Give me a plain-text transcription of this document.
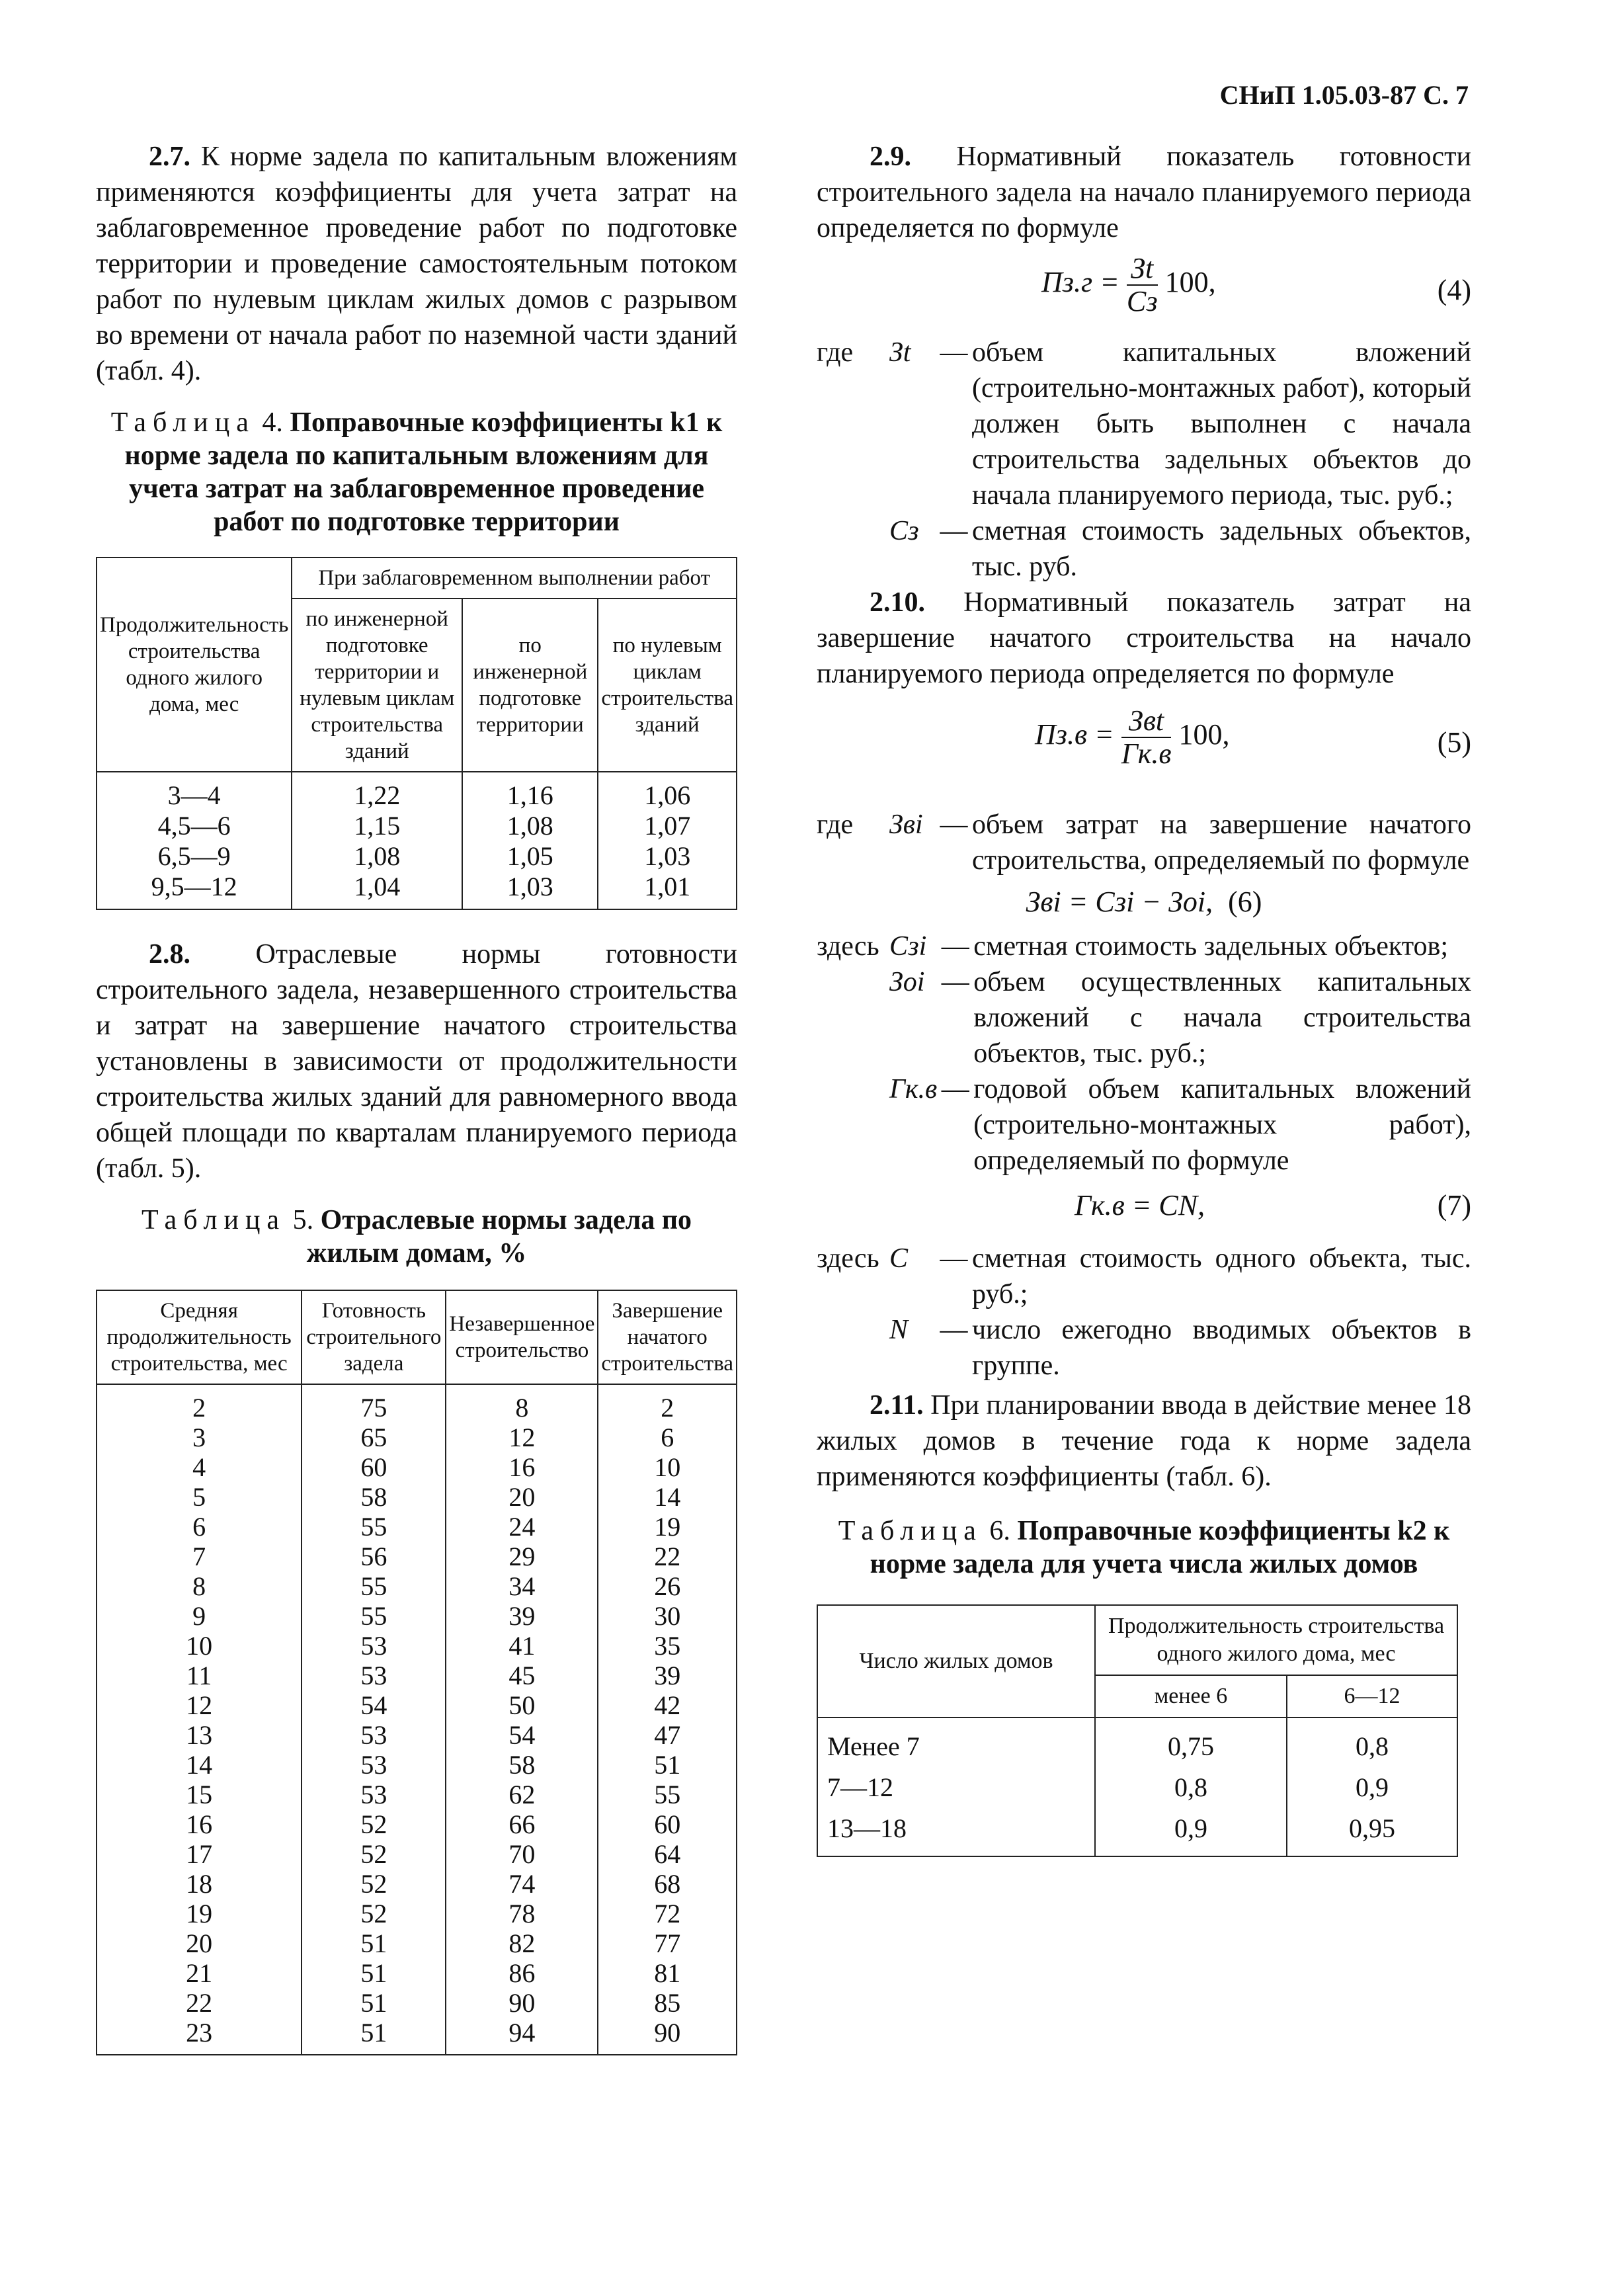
СНиП 1.05.03-87 С. 7

2.7. К норме задела по капитальным вложениям применяются коэффициенты для учета затрат на заблаговременное проведение работ по подготовке территории и проведение самостоятельным потоком работ по нулевым циклам жилых домов с разрывом во времени от начала работ по наземной части зданий (табл. 4).

Таблица 4. Поправочные коэффициенты k1 к норме задела по капитальным вложениям для учета затрат на заблаговременное проведение работ по подготовке территории

Продолжительность строительства одного жилого дома, мес	При заблаговременном выполнении работ		
	по инженерной подготовке территории и нулевым циклам строительства зданий	по инженерной подготовке территории	по нулевым циклам строительства зданий
3—4	1,22	1,16	1,06
4,5—6	1,15	1,08	1,07
6,5—9	1,08	1,05	1,03
9,5—12	1,04	1,03	1,01

2.8. Отраслевые нормы готовности строительного задела, незавершенного строительства и затрат на завершение начатого строительства установлены в зависимости от продолжительности строительства жилых зданий для равномерного ввода общей площади по кварталам планируемого периода (табл. 5).

Таблица 5. Отраслевые нормы задела по жилым домам, %

Средняя продолжительность строительства, мес	Готовность строительного задела	Незавершенное строительство	Завершение начатого строительства
2	75	8	2
3	65	12	6
4	60	16	10
5	58	20	14
6	55	24	19
7	56	29	22
8	55	34	26
9	55	39	30
10	53	41	35
11	53	45	39
12	54	50	42
13	53	54	47
14	53	58	51
15	53	62	55
16	52	66	60
17	52	70	64
18	52	74	68
19	52	78	72
20	51	82	77
21	51	86	81
22	51	90	85
23	51	94	90

2.9. Нормативный показатель готовности строительного задела на начало планируемого периода определяется по формуле

$Пз.г = \frac{Зt}{Сз} 100$,	(4)
где	Зt	—	объем капитальных вложений (строительно-монтажных работ), который должен быть выполнен с начала строительства задельных объектов до начала планируемого периода, тыс. руб.;
	Сз	—	сметная стоимость задельных объектов, тыс. руб.

2.10. Нормативный показатель затрат на завершение начатого строительства на начало планируемого периода определяется по формуле

$Пз.в = \frac{\text{Звt}}{Гк.в} 100$,	(5)
где	Звi	—	объем затрат на завершение начатого строительства, определяемый по формуле
Звi = Сзi − Зоi, (6)
здесь	Сзi	—	сметная стоимость задельных объектов;
	Зоi	—	объем осуществленных капитальных вложений с начала строительства объектов, тыс. руб.;
	Гк.в	—	годовой объем капитальных вложений (строительно-монтажных работ), определяемый по формуле
Гк.в = CN,	(7)
здесь	С	—	сметная стоимость одного объекта, тыс. руб.;
	N	—	число ежегодно вводимых объектов в группе.

2.11. При планировании ввода в действие менее 18 жилых домов в течение года к норме задела применяются коэффициенты (табл. 6).

Таблица 6. Поправочные коэффициенты k2 к норме задела для учета числа жилых домов

Число жилых домов	Продолжительность строительства одного жилого дома, мес	
	менее 6	6—12
Менее 7	0,75	0,8
7—12	0,8	0,9
13—18	0,9	0,95
